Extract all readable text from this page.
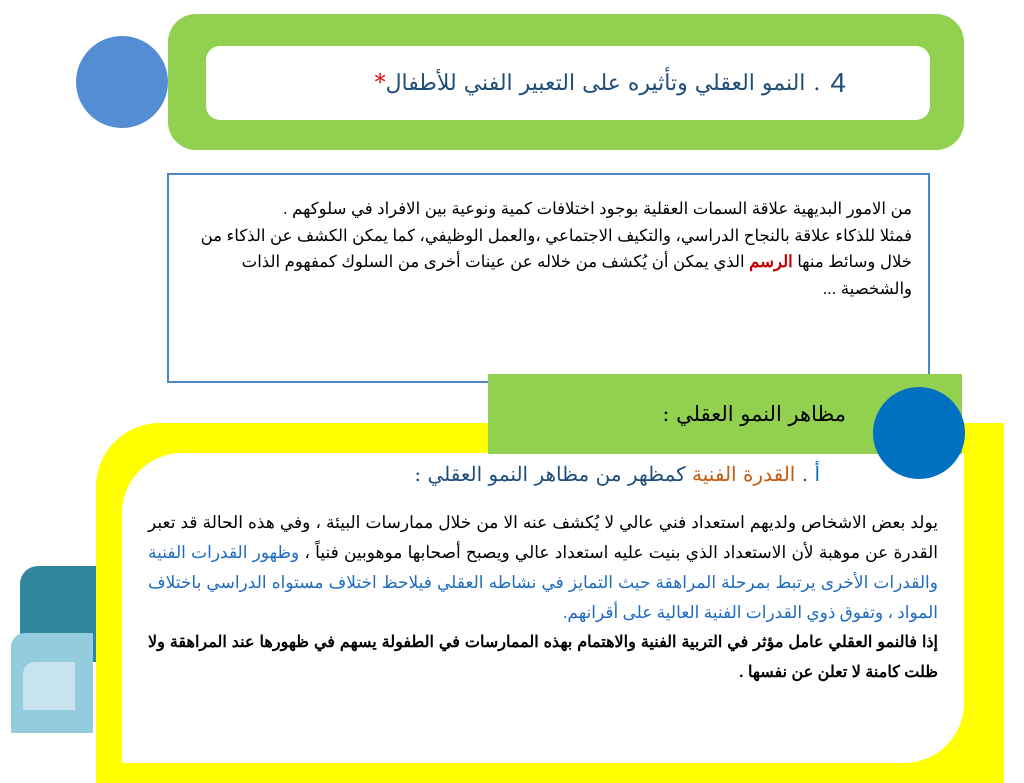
4
.
النمو العقلي وتأثيره على التعبير الفني للأطفال
*
من الامور البديهية علاقة السمات العقلية بوجود اختلافات كمية ونوعية بين الافراد في سلوكهم .
فمثلا للذكاء علاقة بالنجاح الدراسي، والتكيف الاجتماعي ،والعمل الوظيفي، كما يمكن الكشف عن الذكاء من خلال وسائط منها الرسم الذي يمكن أن يُكشف من خلاله عن عينات أخرى من السلوك كمفهوم الذات والشخصية ...
مظاهر النمو العقلي :
أ . القدرة الفنية كمظهر من مظاهر النمو العقلي :
يولد بعض الاشخاص ولديهم استعداد فني عالي لا يُكشف عنه الا من خلال ممارسات البيئة ، وفي هذه الحالة قد تعبر القدرة عن موهبة لأن الاستعداد الذي بنيت عليه استعداد عالي ويصبح أصحابها موهوبين فنياً ، وظهور القدرات الفنية والقدرات الأخرى يرتبط بمرحلة المراهقة حيث التمايز في نشاطه العقلي فيلاحظ اختلاف مستواه الدراسي باختلاف المواد ، وتفوق ذوي القدرات الفنية العالية على أقرانهم.
إذا فالنمو العقلي عامل مؤثر في التربية الفنية والاهتمام بهذه الممارسات في الطفولة يسهم في ظهورها عند المراهقة ولا ظلت كامنة لا تعلن عن نفسها .
